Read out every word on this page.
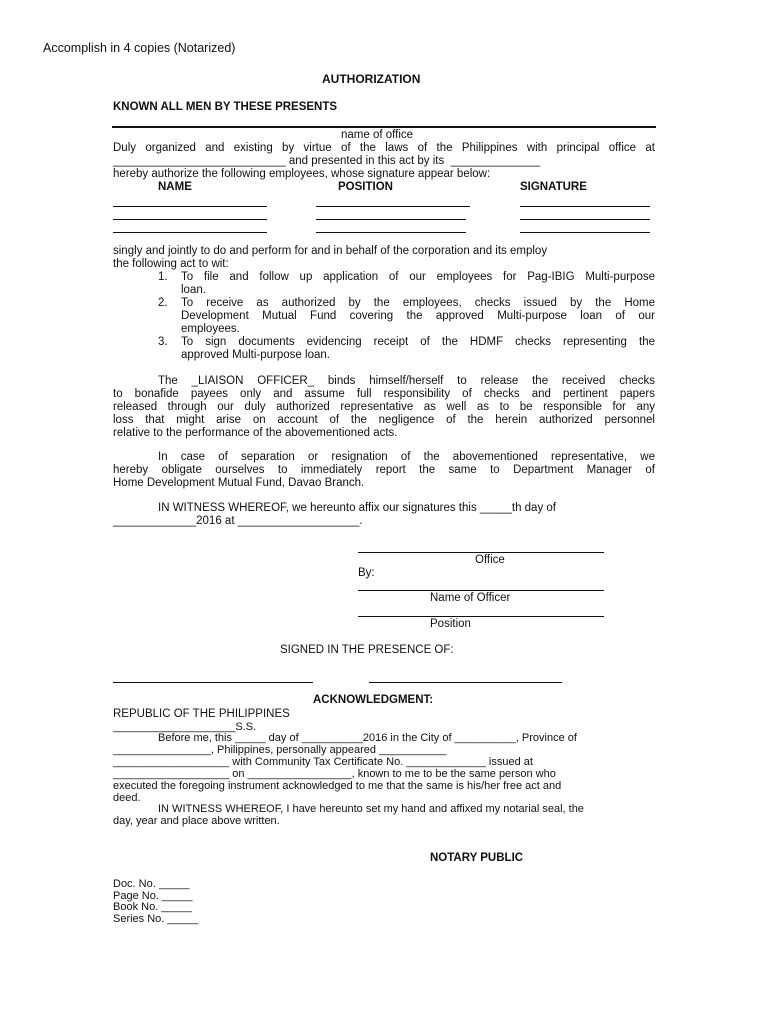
Accomplish in 4 copies (Notarized)
AUTHORIZATION
KNOWN ALL MEN BY THESE PRESENTS
name of office
Duly organized and existing by virtue of the laws of the Philippines with principal office at
___________________________ and presented in this act by its  ______________
hereby authorize the following employees, whose signature appear below:
NAME	POSITION	SIGNATURE
singly and jointly to do and perform for and in behalf of the corporation and its employ
the following act to wit:
1. To file and follow up application of our employees for Pag-IBIG Multi-purpose
loan.
2. To receive as authorized by the employees, checks issued by the Home
Development Mutual Fund covering the approved Multi-purpose loan of our
employees.
3. To sign documents evidencing receipt of the HDMF checks representing the
approved Multi-purpose loan.
The _LIAISON OFFICER_ binds himself/herself to release the received checks
to bonafide payees only and assume full responsibility of checks and pertinent papers
released through our duly authorized representative as well as to be responsible for any
loss that might arise on account of the negligence of the herein authorized personnel
relative to the performance of the abovementioned acts.
In case of separation or resignation of the abovementioned representative, we
hereby obligate ourselves to immediately report the same to Department Manager of
Home Development Mutual Fund, Davao Branch.
IN WITNESS WHEREOF, we hereunto affix our signatures this _____th day of
_____________2016 at ___________________.
Office
By:
Name of Officer
Position
SIGNED IN THE PRESENCE OF:
ACKNOWLEDGMENT:
REPUBLIC OF THE PHILIPPINES
____________________S.S.
Before me, this _____ day of __________2016 in the City of __________, Province of
________________, Philippines, personally appeared ___________
___________________ with Community Tax Certificate No. _____________ issued at
___________________ on _________________, known to me to be the same person who
executed the foregoing instrument acknowledged to me that the same is his/her free act and
deed.
IN WITNESS WHEREOF, I have hereunto set my hand and affixed my notarial seal, the
day, year and place above written.
NOTARY PUBLIC
Doc. No. _____
Page No. _____
Book No. _____
Series No. _____
